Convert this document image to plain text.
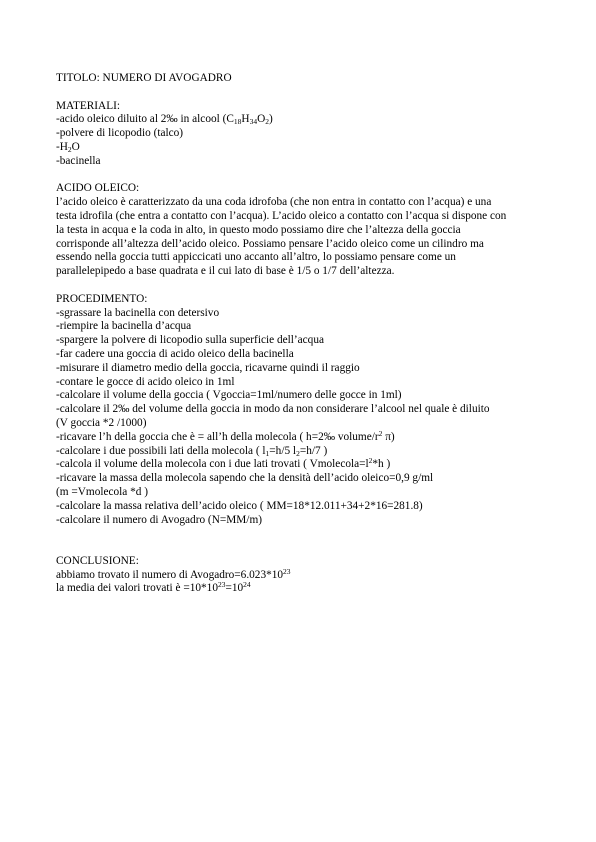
TITOLO: NUMERO DI AVOGADRO
MATERIALI:
-acido oleico diluito al 2‰ in alcool $(C_{18}H_{34}O_2)$
-polvere di licopodio (talco)
$-H_2O$
-bacinella
ACIDO OLEICO:
l’acido oleico è caratterizzato da una coda idrofoba (che non entra in contatto con l’acqua) e una
testa idrofila (che entra a contatto con l’acqua). L’acido oleico a contatto con l’acqua si dispone con
la testa in acqua e la coda in alto, in questo modo possiamo dire che l’altezza della goccia
corrisponde all’altezza dell’acido oleico. Possiamo pensare l’acido oleico come un cilindro ma
essendo nella goccia tutti appiccicati uno accanto all’altro, lo possiamo pensare come un
parallelepipedo a base quadrata e il cui lato di base è 1/5 o 1/7 dell’altezza.
PROCEDIMENTO:
-sgrassare la bacinella con detersivo
-riempire la bacinella d’acqua
-spargere la polvere di licopodio sulla superficie dell’acqua
-far cadere una goccia di acido oleico della bacinella
-misurare il diametro medio della goccia, ricavarne quindi il raggio
-contare le gocce di acido oleico in 1ml
-calcolare il volume della goccia ( Vgoccia=1ml/numero delle gocce in 1ml)
-calcolare il 2‰ del volume della goccia in modo da non considerare l’alcool nel quale è diluito
(V goccia *2 /1000)
-ricavare l’h della goccia che è = all’h della molecola ( h=2‰ volume/$r^2$ π)
-calcolare i due possibili lati della molecola ( $l_1=h/5$ $l_2=h/7$ )
-calcola il volume della molecola con i due lati trovati ( $Vmolecola=l^2*h$ )
-ricavare la massa della molecola sapendo che la densità dell’acido oleico=0,9 g/ml
(m =Vmolecola *d )
-calcolare la massa relativa dell’acido oleico ( MM=18*12.011+34+2*16=281.8)
-calcolare il numero di Avogadro (N=MM/m)
CONCLUSIONE:
abbiamo trovato il numero di $Avogadro=6.023*10^{23}$
la media dei valori trovati è $=10*10^{23}=10^{24}$
